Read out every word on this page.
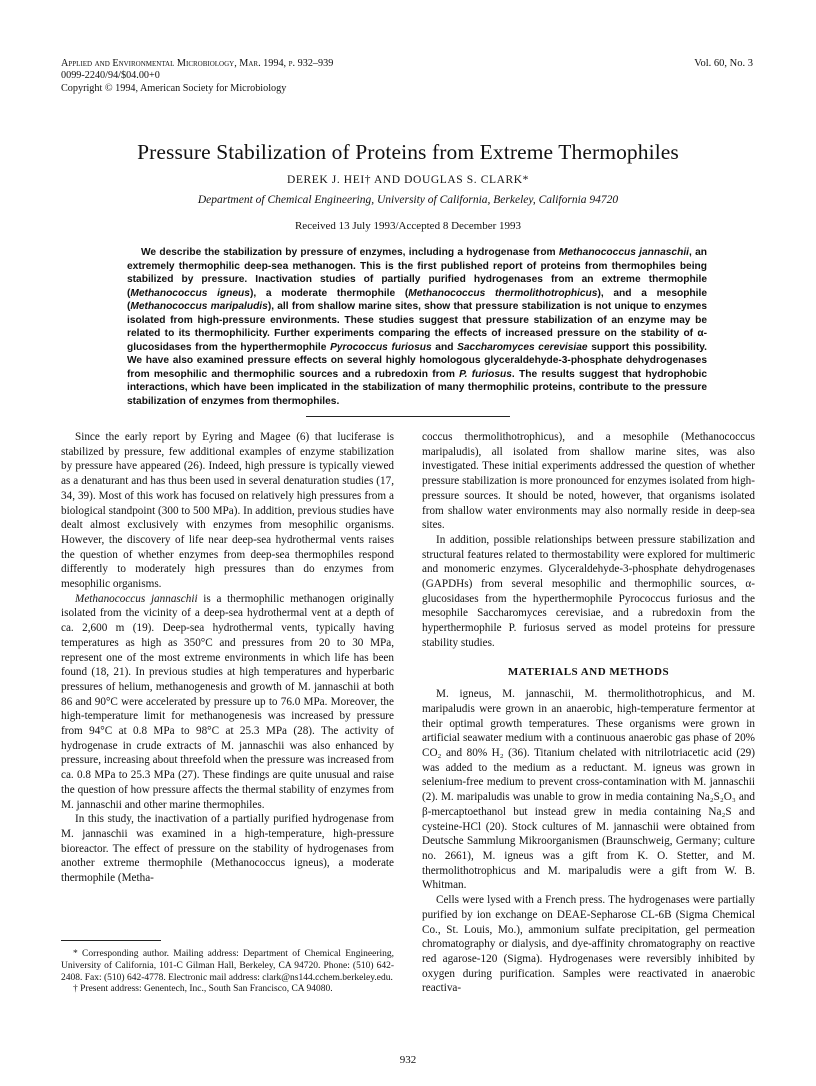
Applied and Environmental Microbiology, Mar. 1994, p. 932–939
0099-2240/94/$04.00+0
Copyright © 1994, American Society for Microbiology
Vol. 60, No. 3
Pressure Stabilization of Proteins from Extreme Thermophiles
DEREK J. HEI† AND DOUGLAS S. CLARK*
Department of Chemical Engineering, University of California, Berkeley, California 94720
Received 13 July 1993/Accepted 8 December 1993
We describe the stabilization by pressure of enzymes, including a hydrogenase from Methanococcus jannaschii, an extremely thermophilic deep-sea methanogen. This is the first published report of proteins from thermophiles being stabilized by pressure. Inactivation studies of partially purified hydrogenases from an extreme thermophile (Methanococcus igneus), a moderate thermophile (Methanococcus thermolithotrophicus), and a mesophile (Methanococcus maripaludis), all from shallow marine sites, show that pressure stabilization is not unique to enzymes isolated from high-pressure environments. These studies suggest that pressure stabilization of an enzyme may be related to its thermophilicity. Further experiments comparing the effects of increased pressure on the stability of α-glucosidases from the hyperthermophile Pyrococcus furiosus and Saccharomyces cerevisiae support this possibility. We have also examined pressure effects on several highly homologous glyceraldehyde-3-phosphate dehydrogenases from mesophilic and thermophilic sources and a rubredoxin from P. furiosus. The results suggest that hydrophobic interactions, which have been implicated in the stabilization of many thermophilic proteins, contribute to the pressure stabilization of enzymes from thermophiles.

Since the early report by Eyring and Magee (6) that luciferase is stabilized by pressure, few additional examples of enzyme stabilization by pressure have appeared (26). Indeed, high pressure is typically viewed as a denaturant and has thus been used in several denaturation studies (17, 34, 39). Most of this work has focused on relatively high pressures from a biological standpoint (300 to 500 MPa). In addition, previous studies have dealt almost exclusively with enzymes from mesophilic organisms. However, the discovery of life near deep-sea hydrothermal vents raises the question of whether enzymes from deep-sea thermophiles respond differently to moderately high pressures than do enzymes from mesophilic organisms.

Methanococcus jannaschii is a thermophilic methanogen originally isolated from the vicinity of a deep-sea hydrothermal vent at a depth of ca. 2,600 m (19). Deep-sea hydrothermal vents, typically having temperatures as high as 350°C and pressures from 20 to 30 MPa, represent one of the most extreme environments in which life has been found (18, 21). In previous studies at high temperatures and hyperbaric pressures of helium, methanogenesis and growth of M. jannaschii at both 86 and 90°C were accelerated by pressure up to 76.0 MPa. Moreover, the high-temperature limit for methanogenesis was increased by pressure from 94°C at 0.8 MPa to 98°C at 25.3 MPa (28). The activity of hydrogenase in crude extracts of M. jannaschii was also enhanced by pressure, increasing about threefold when the pressure was increased from ca. 0.8 MPa to 25.3 MPa (27). These findings are quite unusual and raise the question of how pressure affects the thermal stability of enzymes from M. jannaschii and other marine thermophiles.

In this study, the inactivation of a partially purified hydrogenase from M. jannaschii was examined in a high-temperature, high-pressure bioreactor. The effect of pressure on the stability of hydrogenases from another extreme thermophile (Methanococcus igneus), a moderate thermophile (Metha-

coccus thermolithotrophicus), and a mesophile (Methanococcus maripaludis), all isolated from shallow marine sites, was also investigated. These initial experiments addressed the question of whether pressure stabilization is more pronounced for enzymes isolated from high-pressure sources. It should be noted, however, that organisms isolated from shallow water environments may also normally reside in deep-sea sites.

In addition, possible relationships between pressure stabilization and structural features related to thermostability were explored for multimeric and monomeric enzymes. Glyceraldehyde-3-phosphate dehydrogenases (GAPDHs) from several mesophilic and thermophilic sources, α-glucosidases from the hyperthermophile Pyrococcus furiosus and the mesophile Saccharomyces cerevisiae, and a rubredoxin from the hyperthermophile P. furiosus served as model proteins for pressure stability studies.

MATERIALS AND METHODS

M. igneus, M. jannaschii, M. thermolithotrophicus, and M. maripaludis were grown in an anaerobic, high-temperature fermentor at their optimal growth temperatures. These organisms were grown in artificial seawater medium with a continuous anaerobic gas phase of 20% CO₂ and 80% H₂ (36). Titanium chelated with nitrilotriacetic acid (29) was added to the medium as a reductant. M. igneus was grown in selenium-free medium to prevent cross-contamination with M. jannaschii (2). M. maripaludis was unable to grow in media containing Na₂S₂O₃ and β-mercaptoethanol but instead grew in media containing Na₂S and cysteine-HCl (20). Stock cultures of M. jannaschii were obtained from Deutsche Sammlung Mikroorganismen (Braunschweig, Germany; culture no. 2661), M. igneus was a gift from K. O. Stetter, and M. thermolithotrophicus and M. maripaludis were a gift from W. B. Whitman.

Cells were lysed with a French press. The hydrogenases were partially purified by ion exchange on DEAE-Sepharose CL-6B (Sigma Chemical Co., St. Louis, Mo.), ammonium sulfate precipitation, gel permeation chromatography or dialysis, and dye-affinity chromatography on reactive red agarose-120 (Sigma). Hydrogenases were reversibly inhibited by oxygen during purification. Samples were reactivated in anaerobic reactiva-

* Corresponding author. Mailing address: Department of Chemical Engineering, University of California, 101-C Gilman Hall, Berkeley, CA 94720. Phone: (510) 642-2408. Fax: (510) 642-4778. Electronic mail address: clark@ns144.cchem.berkeley.edu.

† Present address: Genentech, Inc., South San Francisco, CA 94080.

932
